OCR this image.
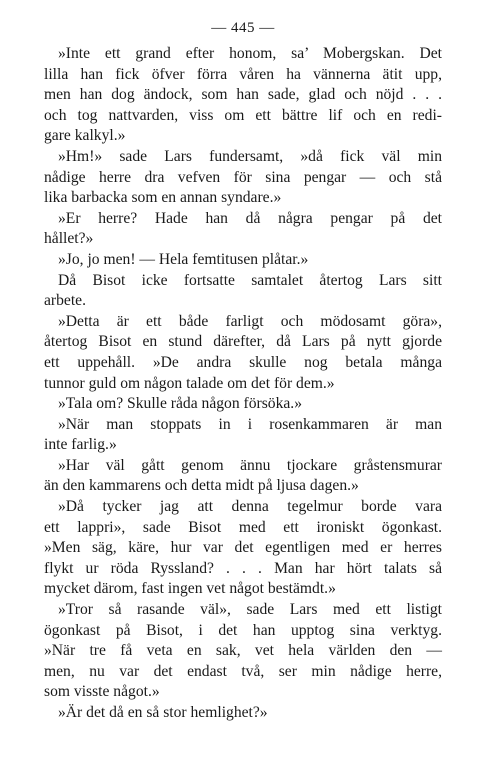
— 445 —
»Inte ett grand efter honom, sa’ Mobergskan. Det
lilla han fick öfver förra våren ha vännerna ätit upp,
men han dog ändock, som han sade, glad och nöjd . . .
och tog nattvarden, viss om ett bättre lif och en redi-
gare kalkyl.»
»Hm!» sade Lars fundersamt, »då fick väl min
nådige herre dra vefven för sina pengar — och stå
lika barbacka som en annan syndare.»
»Er herre? Hade han då några pengar på det
hållet?»
»Jo, jo men! — Hela femtitusen plåtar.»
Då Bisot icke fortsatte samtalet återtog Lars sitt
arbete.
»Detta är ett både farligt och mödosamt göra»,
återtog Bisot en stund därefter, då Lars på nytt gjorde
ett uppehåll. »De andra skulle nog betala många
tunnor guld om någon talade om det för dem.»
»Tala om? Skulle råda någon försöka.»
»När man stoppats in i rosenkammaren är man
inte farlig.»
»Har väl gått genom ännu tjockare gråstensmurar
än den kammarens och detta midt på ljusa dagen.»
»Då tycker jag att denna tegelmur borde vara
ett lappri», sade Bisot med ett ironiskt ögonkast.
»Men säg, käre, hur var det egentligen med er herres
flykt ur röda Ryssland? . . . Man har hört talats så
mycket därom, fast ingen vet något bestämdt.»
»Tror så rasande väl», sade Lars med ett listigt
ögonkast på Bisot, i det han upptog sina verktyg.
»När tre få veta en sak, vet hela världen den —
men, nu var det endast två, ser min nådige herre,
som visste något.»
»Är det då en så stor hemlighet?»
